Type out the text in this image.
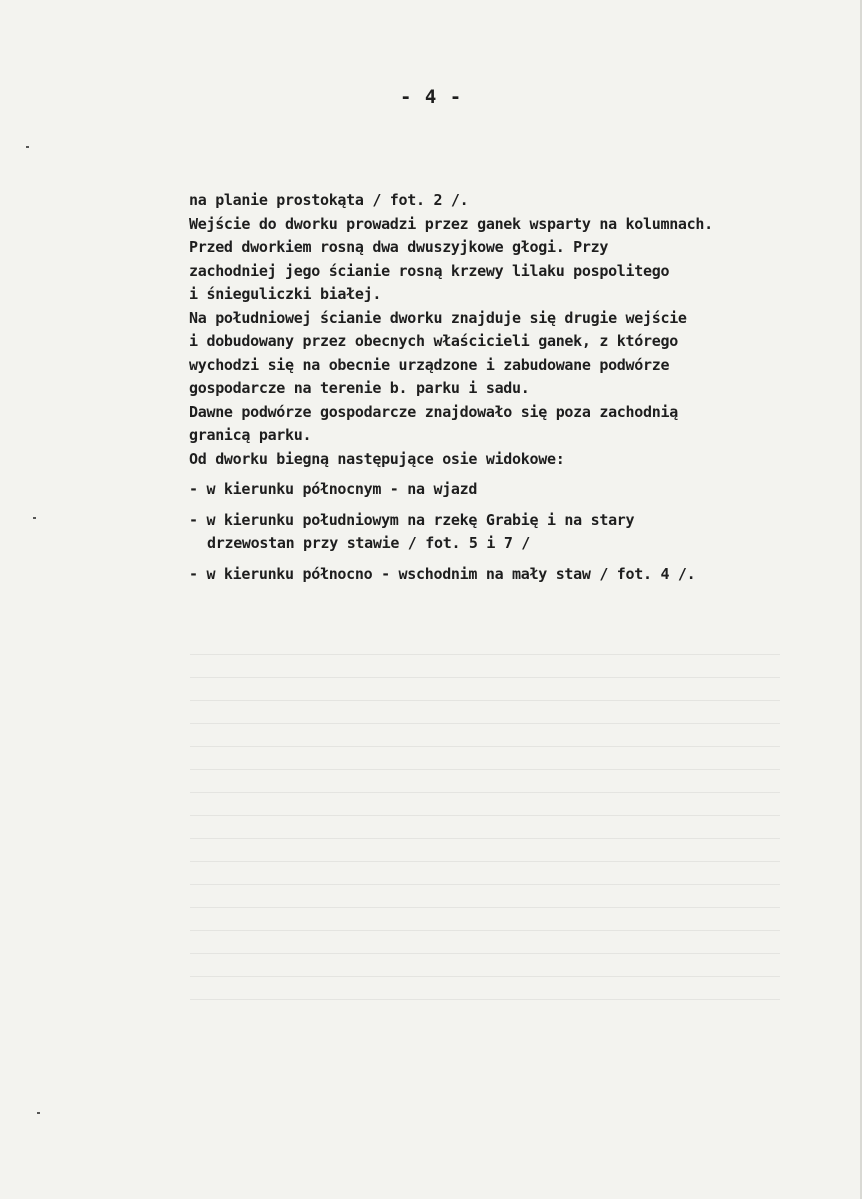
- 4 -
na planie prostokąta / fot. 2 /.
Wejście do dworku prowadzi przez ganek wsparty na kolumnach.
Przed dworkiem rosną dwa dwuszyjkowe głogi. Przy
zachodniej jego ścianie rosną krzewy lilaku pospolitego
i śnieguliczki białej.
Na południowej ścianie dworku znajduje się drugie wejście
i dobudowany przez obecnych właścicieli ganek, z którego
wychodzi się na obecnie urządzone i zabudowane podwórze
gospodarcze na terenie b. parku i sadu.
Dawne podwórze gospodarcze znajdowało się poza zachodnią
granicą parku.
Od dworku biegną następujące osie widokowe:
- w kierunku północnym - na wjazd
- w kierunku południowym na rzekę Grabię i na stary
drzewostan przy stawie / fot. 5 i 7 /
- w kierunku północno - wschodnim na mały staw / fot. 4 /.
